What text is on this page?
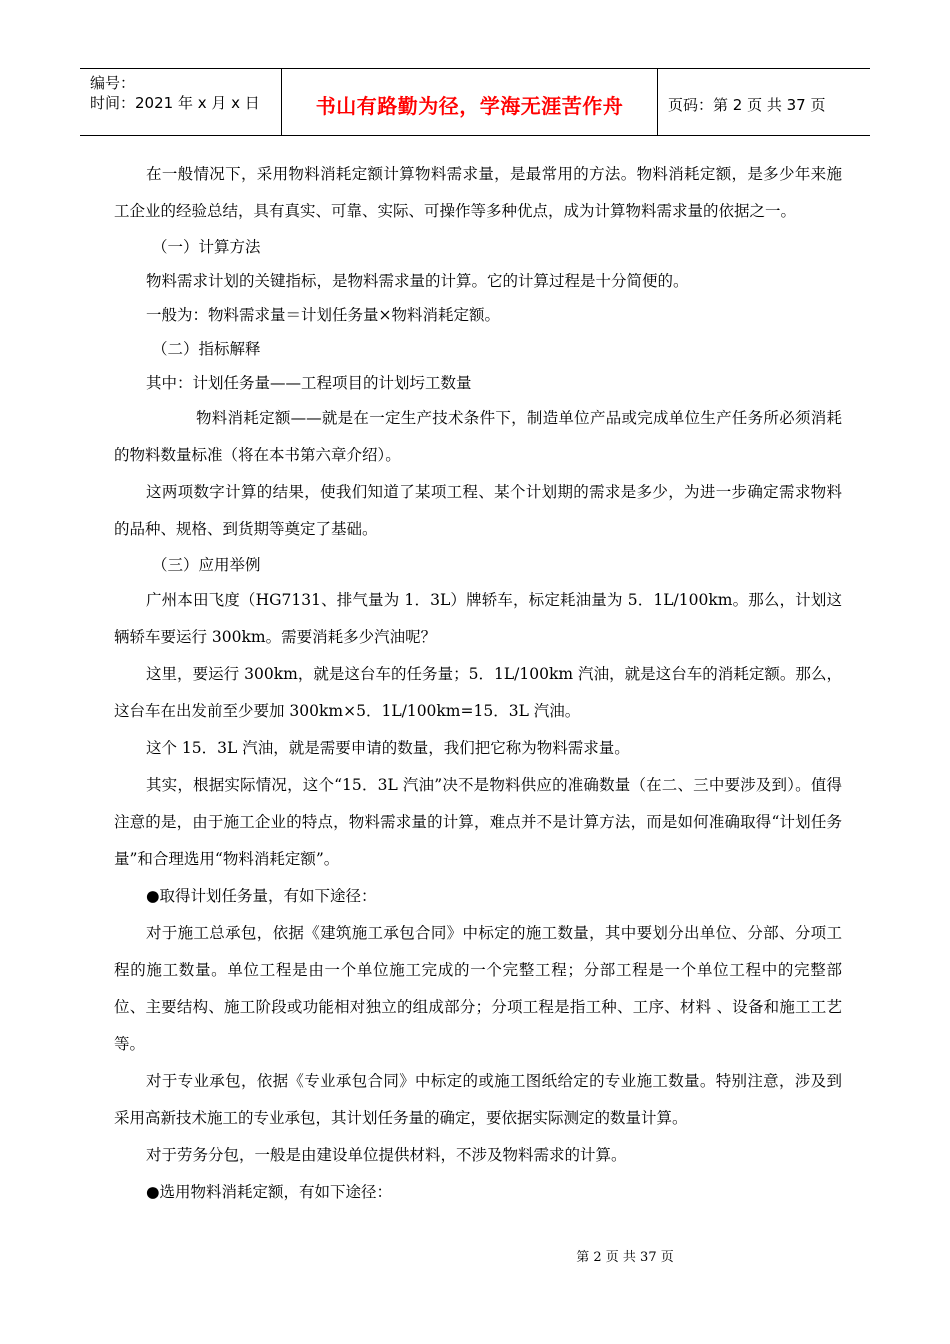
编号：
时间：2021 年 x 月 x 日	书山有路勤为径，学海无涯苦作舟	页码：第 2 页 共 37 页

在一般情况下，采用物料消耗定额计算物料需求量，是最常用的方法。物料消耗定额，是多少年来施工企业的经验总结，具有真实、可靠、实际、可操作等多种优点，成为计算物料需求量的依据之一。

（一）计算方法

物料需求计划的关键指标，是物料需求量的计算。它的计算过程是十分简便的。

一般为：物料需求量＝计划任务量×物料消耗定额。

（二）指标解释

其中：计划任务量——工程项目的计划圬工数量

物料消耗定额——就是在一定生产技术条件下，制造单位产品或完成单位生产任务所必须消耗的物料数量标准（将在本书第六章介绍）。

这两项数字计算的结果，使我们知道了某项工程、某个计划期的需求是多少，为进一步确定需求物料的品种、规格、到货期等奠定了基础。

（三）应用举例

广州本田飞度（HG7131、排气量为 1．3L）牌轿车，标定耗油量为 5．1L/100km。那么，计划这辆轿车要运行 300km。需要消耗多少汽油呢？

这里，要运行 300km，就是这台车的任务量；5．1L/100km 汽油，就是这台车的消耗定额。那么，这台车在出发前至少要加 300km×5．1L/100km=15．3L 汽油。

这个 15．3L 汽油，就是需要申请的数量，我们把它称为物料需求量。

其实，根据实际情况，这个“15．3L 汽油”决不是物料供应的准确数量（在二、三中要涉及到）。值得注意的是，由于施工企业的特点，物料需求量的计算，难点并不是计算方法，而是如何准确取得“计划任务量”和合理选用“物料消耗定额”。

●取得计划任务量，有如下途径：

对于施工总承包，依据《建筑施工承包合同》中标定的施工数量，其中要划分出单位、分部、分项工程的施工数量。单位工程是由一个单位施工完成的一个完整工程；分部工程是一个单位工程中的完整部位、主要结构、施工阶段或功能相对独立的组成部分；分项工程是指工种、工序、材料 、设备和施工工艺等。

对于专业承包，依据《专业承包合同》中标定的或施工图纸给定的专业施工数量。特别注意，涉及到采用高新技术施工的专业承包，其计划任务量的确定，要依据实际测定的数量计算。

对于劳务分包，一般是由建设单位提供材料，不涉及物料需求的计算。

●选用物料消耗定额，有如下途径：

第 2 页 共 37 页
